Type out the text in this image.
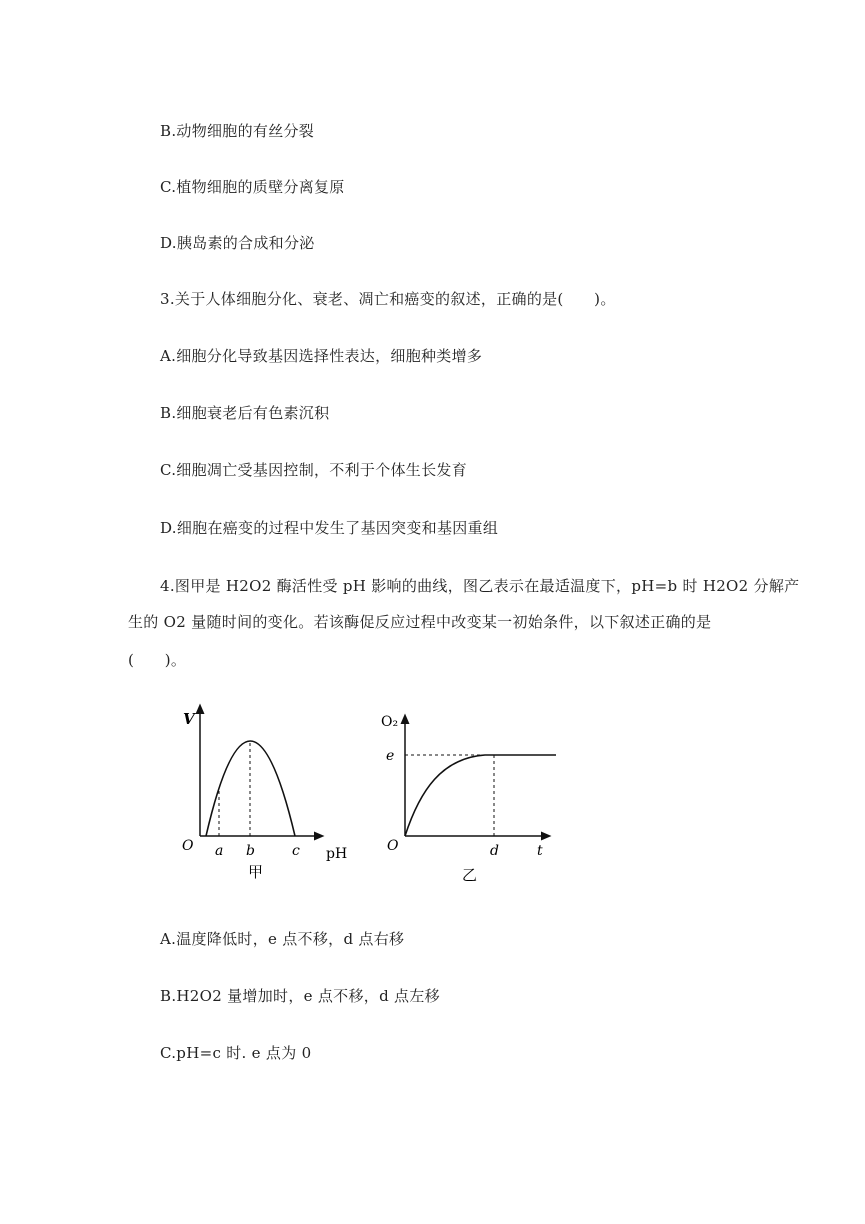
B.动物细胞的有丝分裂
C.植物细胞的质壁分离复原
D.胰岛素的合成和分泌
3.关于人体细胞分化、衰老、凋亡和癌变的叙述，正确的是(　　)。
A.细胞分化导致基因选择性表达，细胞种类增多
B.细胞衰老后有色素沉积
C.细胞凋亡受基因控制，不利于个体生长发育
D.细胞在癌变的过程中发生了基因突变和基因重组
4.图甲是 H2O2 酶活性受 pH 影响的曲线，图乙表示在最适温度下，pH=b 时 H2O2 分解产
生的 O2 量随时间的变化。若该酶促反应过程中改变某一初始条件，以下叙述正确的是
(　　)。
V
O a b	c pH
甲
O₂
e
O	d	t
乙
A.温度降低时，e 点不移，d 点右移
B.H2O2 量增加时，e 点不移，d 点左移
C.pH=c 时. e 点为 0
